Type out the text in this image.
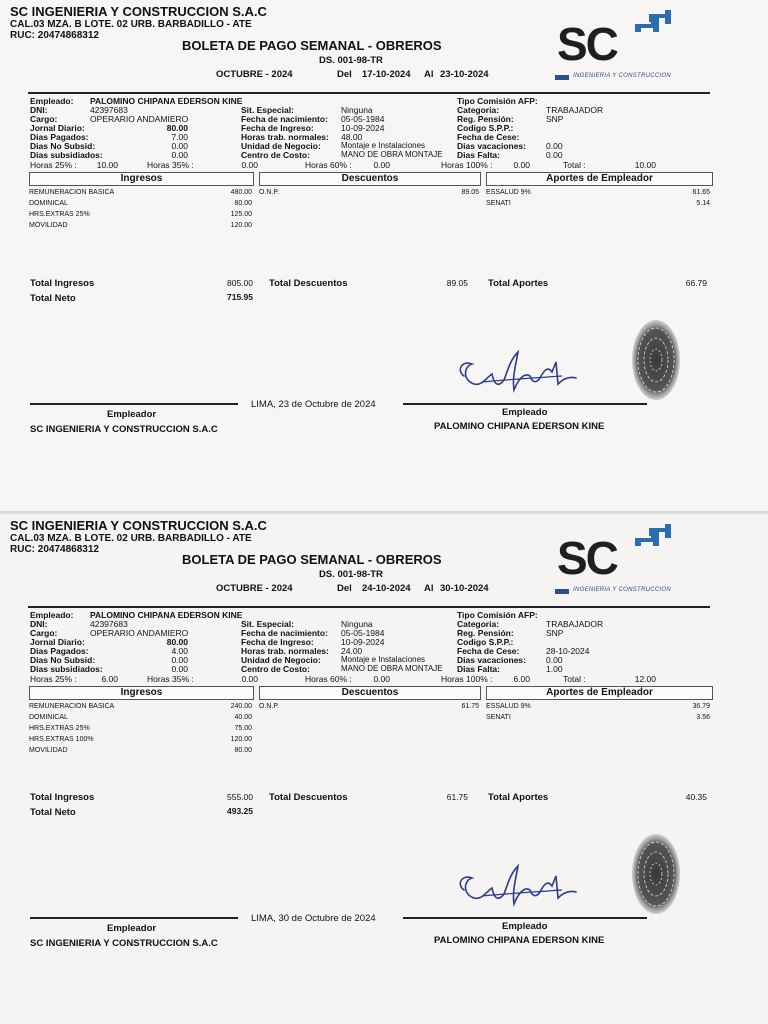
SC INGENIERIA Y CONSTRUCCION S.A.C
CAL.03 MZA. B LOTE. 02 URB. BARBADILLO - ATE
RUC: 20474868312
BOLETA DE PAGO SEMANAL - OBREROS
DS. 001-98-TR
OCTUBRE - 2024	Del 17-10-2024 Al 23-10-2024
SC
INGENIERIA Y CONSTRUCCION
Empleado: PALOMINO CHIPANA EDERSON KINE
DNI:	42397683
Cargo:	OPERARIO ANDAMIERO
Jornal Diario:	80.00
Dias Pagados:	7.00
Dias No Subsid:	0.00
Dias subsidiados:	0.00
Sit. Especial:	Ninguna
Fecha de nacimiento: 05-05-1984
Fecha de Ingreso:	10-09-2024
Horas trab. normales: 48.00
Unidad de Negocio:	Montaje e Instalaciones
Centro de Costo:	MANO DE OBRA MONTAJE
Tipo Comisión AFP:
Categoria:	TRABAJADOR
Reg. Pensión:	SNP
Codigo S.P.P.:
Fecha de Cese:
Dias vacaciones: 0.00
Dias Falta:	0.00
Horas 25% :	10.00	Horas 35% :	0.00	Horas 60% :	0.00	Horas 100% :	0.00	Total :	10.00
Ingresos	Descuentos	Aportes de Empleador
REMUNERACION BASICA	480.00
DOMINICAL	80.00
HRS.EXTRAS 25%	125.00
MOVILIDAD	120.00
O.N.P.	89.05 ESSALUD 9%	61.65
SENATI	5.14
Total Ingresos	805.00
Total Neto	715.95
Total Descuentos	89.05 Total Aportes	66.79
LIMA, 23 de Octubre de 2024
Empleador	Empleado
SC INGENIERIA Y CONSTRUCCION S.A.C	PALOMINO CHIPANA EDERSON KINE
SC INGENIERIA Y CONSTRUCCION S.A.C
CAL.03 MZA. B LOTE. 02 URB. BARBADILLO - ATE
RUC: 20474868312
BOLETA DE PAGO SEMANAL - OBREROS
DS. 001-98-TR
OCTUBRE - 2024	Del 24-10-2024 Al 30-10-2024
SC
INGENIERIA Y CONSTRUCCION
Empleado: PALOMINO CHIPANA EDERSON KINE
DNI:	42397683
Cargo:	OPERARIO ANDAMIERO
Jornal Diario:	80.00
Dias Pagados:	4.00
Dias No Subsid:	0.00
Dias subsidiados:	0.00
Sit. Especial:	Ninguna
Fecha de nacimiento: 05-05-1984
Fecha de Ingreso:	10-09-2024
Horas trab. normales: 24.00
Unidad de Negocio:	Montaje e Instalaciones
Centro de Costo:	MANO DE OBRA MONTAJE
Tipo Comisión AFP:
Categoria:	TRABAJADOR
Reg. Pensión:	SNP
Codigo S.P.P.:
Fecha de Cese:	28-10-2024
Dias vacaciones: 0.00
Dias Falta:	1.00
Horas 25% :	6.00	Horas 35% :	0.00	Horas 60% :	0.00	Horas 100% :	6.00	Total :	12.00
Ingresos	Descuentos	Aportes de Empleador
REMUNERACION BASICA	240.00
DOMINICAL	40.00
HRS.EXTRAS 25%	75.00
HRS.EXTRAS 100%	120.00
MOVILIDAD	80.00
O.N.P.	61.75 ESSALUD 9%	36.79
SENATI	3.56
Total Ingresos	555.00
Total Neto	493.25
Total Descuentos	61.75 Total Aportes	40.35
LIMA, 30 de Octubre de 2024
Empleador	Empleado
SC INGENIERIA Y CONSTRUCCION S.A.C	PALOMINO CHIPANA EDERSON KINE
